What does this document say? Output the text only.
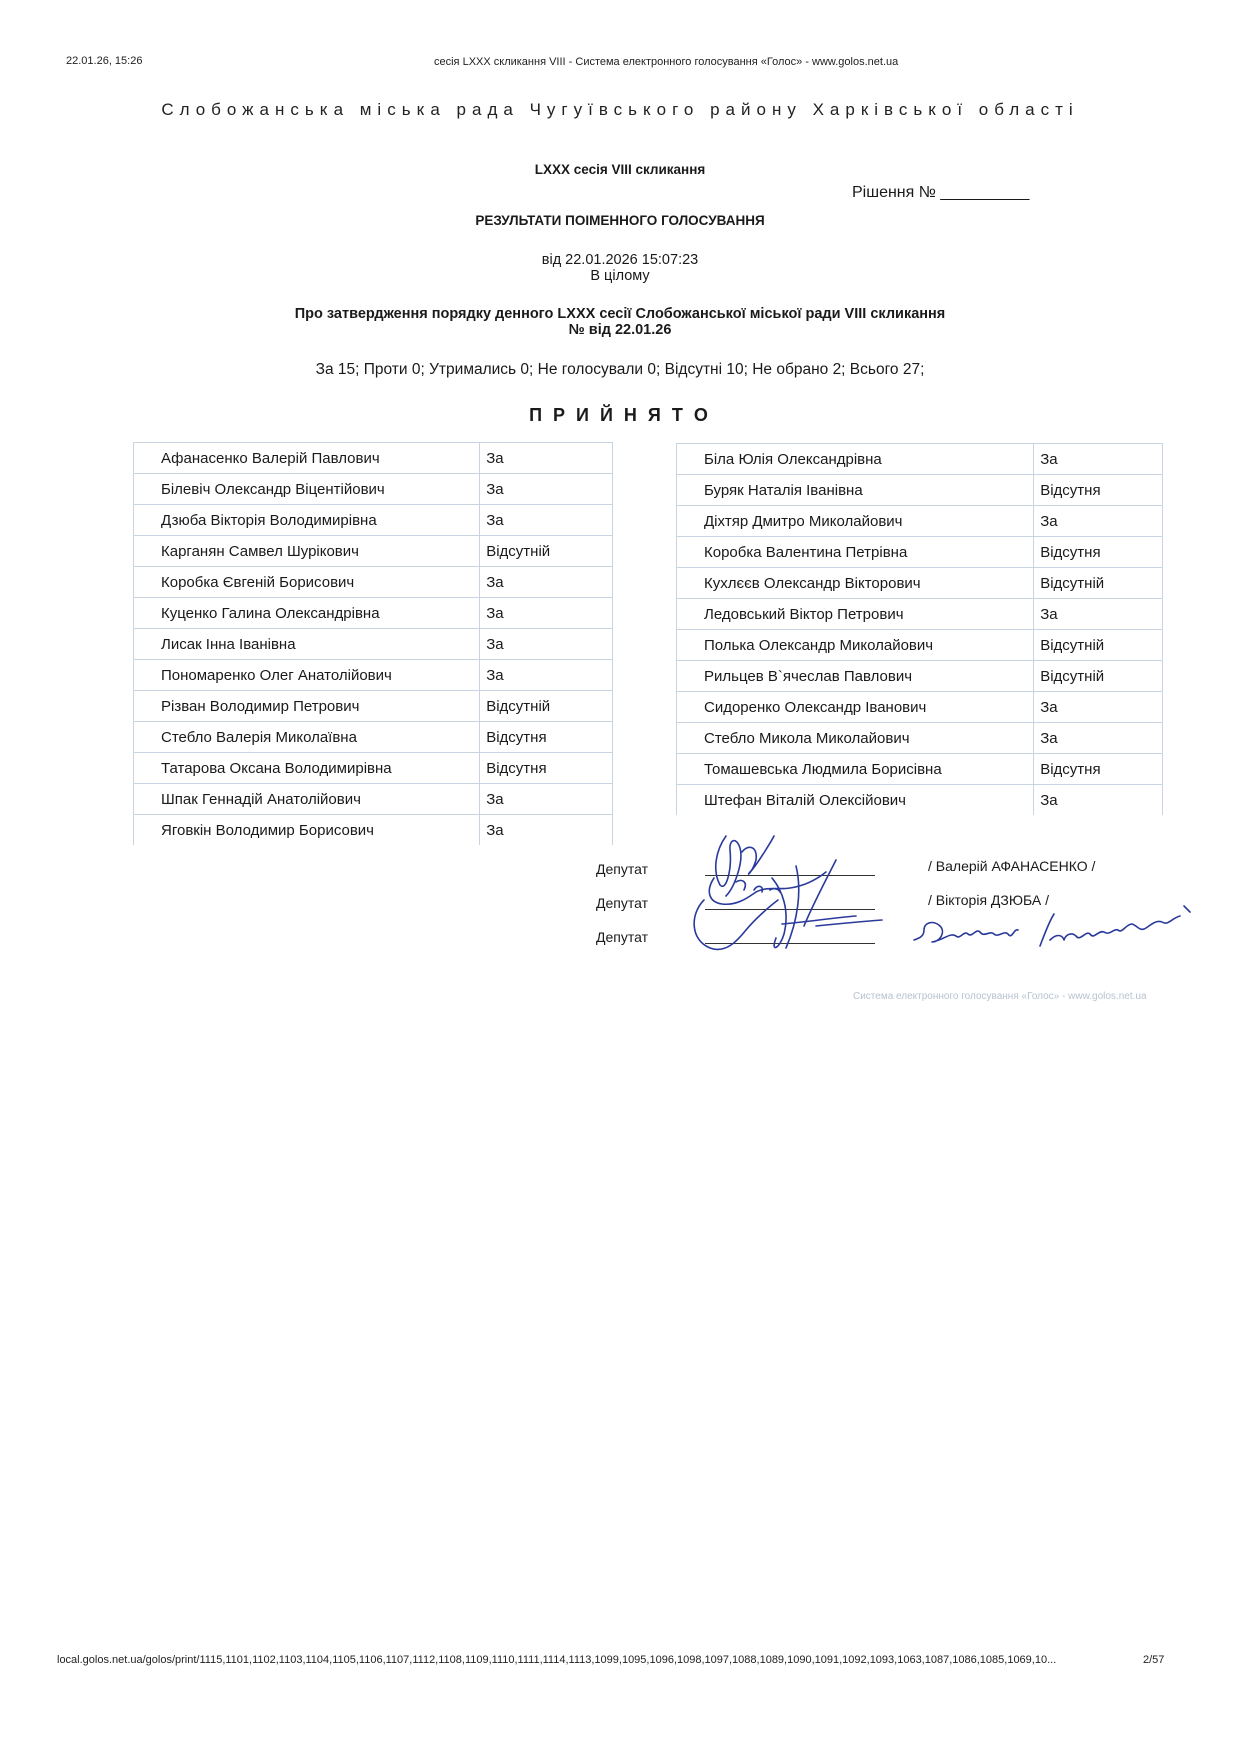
22.01.26, 15:26	сесія LXXX скликання VIII - Система електронного голосування «Голос» - www.golos.net.ua
Слобожанська міська рада Чугуївського району Харківської області
LXXX сесія VIII скликання
Рішення № __________
РЕЗУЛЬТАТИ ПОІМЕННОГО ГОЛОСУВАННЯ
від 22.01.2026 15:07:23
В цілому
Про затвердження порядку денного LXXX сесії Слобожанської міської ради VIII скликання
№ від 22.01.26
За 15; Проти 0; Утримались 0; Не голосували 0; Відсутні 10; Не обрано 2; Всього 27;
П Р И Й Н Я Т О
Афанасенко Валерій Павлович	За
Білевіч Олександр Віцентійович	За
Дзюба Вікторія Володимирівна	За
Карганян Самвел Шурікович	Відсутній
Коробка Євгеній Борисович	За
Куценко Галина Олександрівна	За
Лисак Інна Іванівна	За
Пономаренко Олег Анатолійович	За
Різван Володимир Петрович	Відсутній
Стебло Валерія Миколаївна	Відсутня
Татарова Оксана Володимирівна	Відсутня
Шпак Геннадій Анатолійович	За
Яговкін Володимир Борисович	За
Біла Юлія Олександрівна	За
Буряк Наталія Іванівна	Відсутня
Діхтяр Дмитро Миколайович	За
Коробка Валентина Петрівна	Відсутня
Кухлєєв Олександр Вікторович	Відсутній
Ледовський Віктор Петрович	За
Полька Олександр Миколайович	Відсутній
Рильцев В`ячеслав Павлович	Відсутній
Сидоренко Олександр Іванович	За
Стебло Микола Миколайович	За
Томашевська Людмила Борисівна	Відсутня
Штефан Віталій Олексійович	За
Депутат
Депутат
Депутат
/ Валерій АФАНАСЕНКО /
/ Вікторія ДЗЮБА /
Система електронного голосування «Голос» - www.golos.net.ua
local.golos.net.ua/golos/print/1115,1101,1102,1103,1104,1105,1106,1107,1112,1108,1109,1110,1111,1114,1113,1099,1095,1096,1098,1097,1088,1089,1090,1091,1092,1093,1063,1087,1086,1085,1069,10...	2/57
